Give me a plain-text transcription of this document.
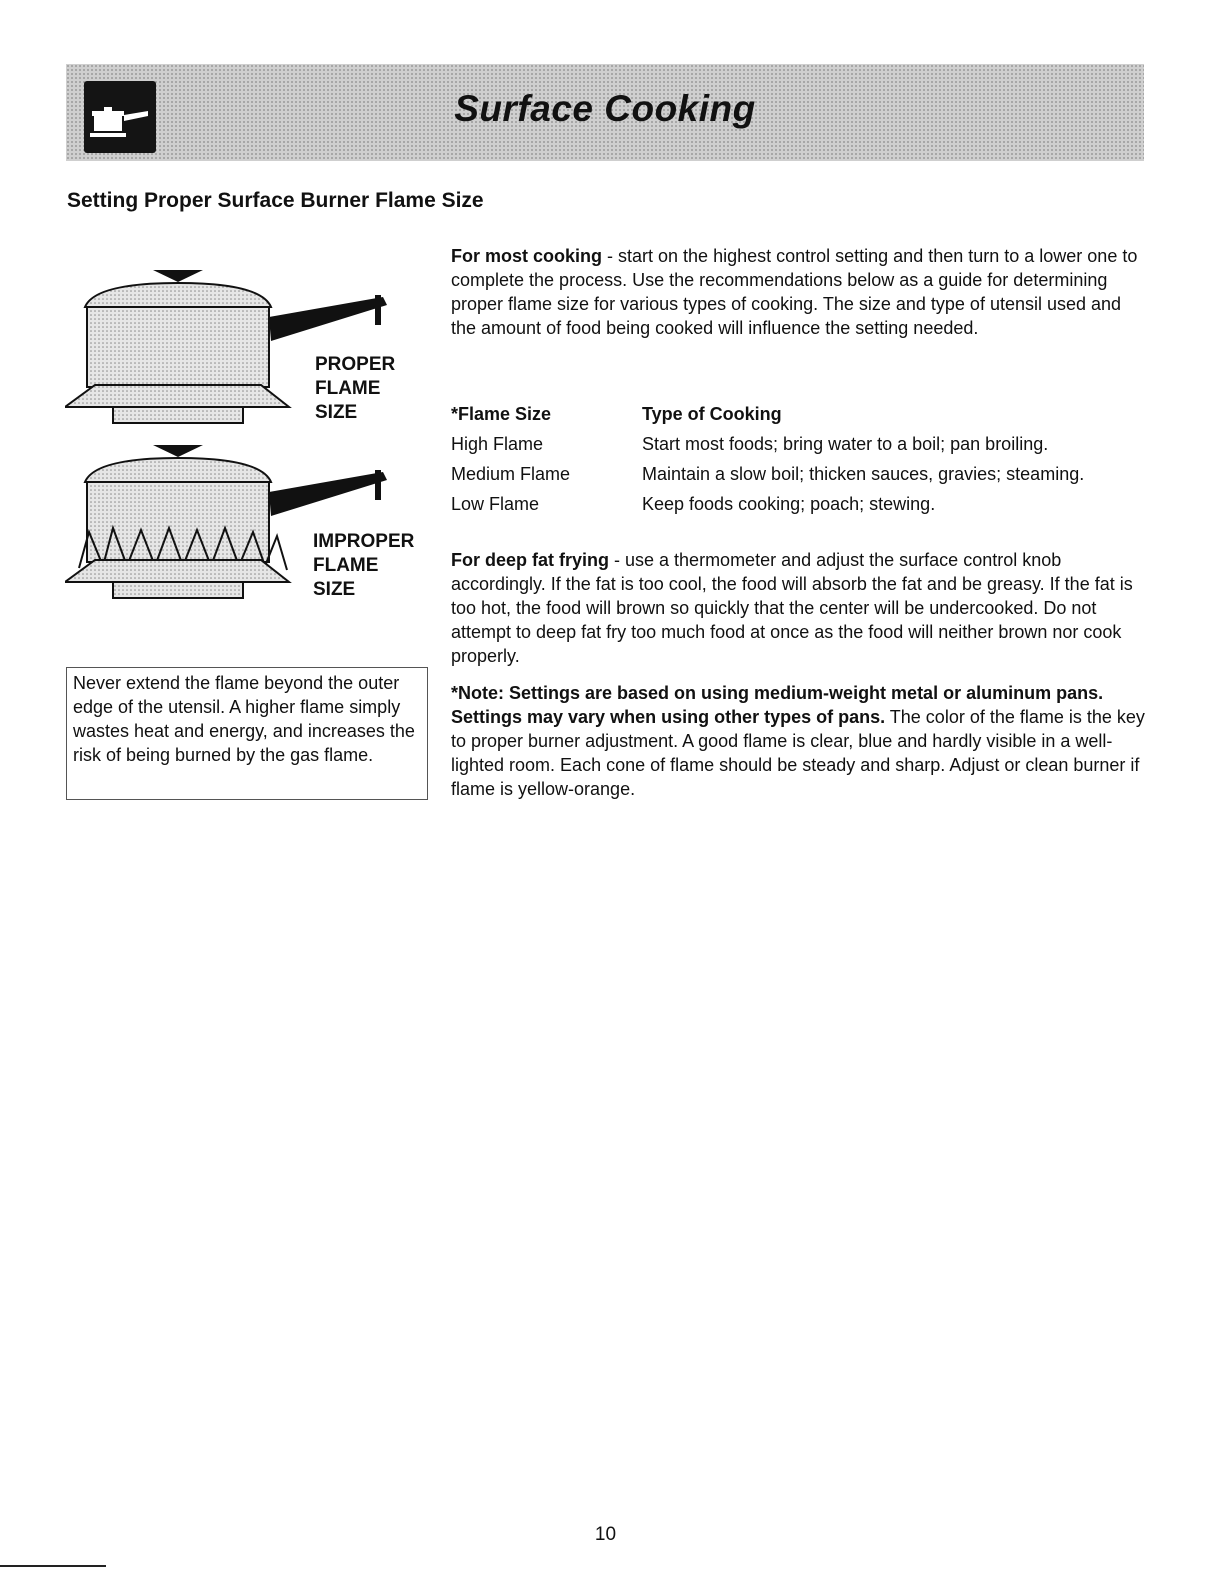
Surface Cooking
Setting Proper Surface Burner Flame Size
PROPER
FLAME
SIZE
IMPROPER
FLAME
SIZE
Never extend the flame beyond the outer edge of the utensil. A higher flame simply wastes heat and energy, and increases the risk of being burned by the gas flame.

For most cooking - start on the highest control setting and then turn to a lower one to complete the process. Use the recommendations below as a guide for determining proper flame size for various types of cooking. The size and type of utensil used and the amount of food being cooked will influence the setting needed.

*Flame Size	Type of Cooking
High Flame	Start most foods; bring water to a boil; pan broiling.
Medium Flame	Maintain a slow boil; thicken sauces, gravies; steaming.
Low Flame	Keep foods cooking; poach; stewing.

For deep fat frying - use a thermometer and adjust the surface control knob accordingly. If the fat is too cool, the food will absorb the fat and be greasy. If the fat is too hot, the food will brown so quickly that the center will be undercooked. Do not attempt to deep fat fry too much food at once as the food will neither brown nor cook properly.

*Note: Settings are based on using medium-weight metal or aluminum pans. Settings may vary when using other types of pans. The color of the flame is the key to proper burner adjustment. A good flame is clear, blue and hardly visible in a well-lighted room. Each cone of flame should be steady and sharp. Adjust or clean burner if flame is yellow-orange.

10
